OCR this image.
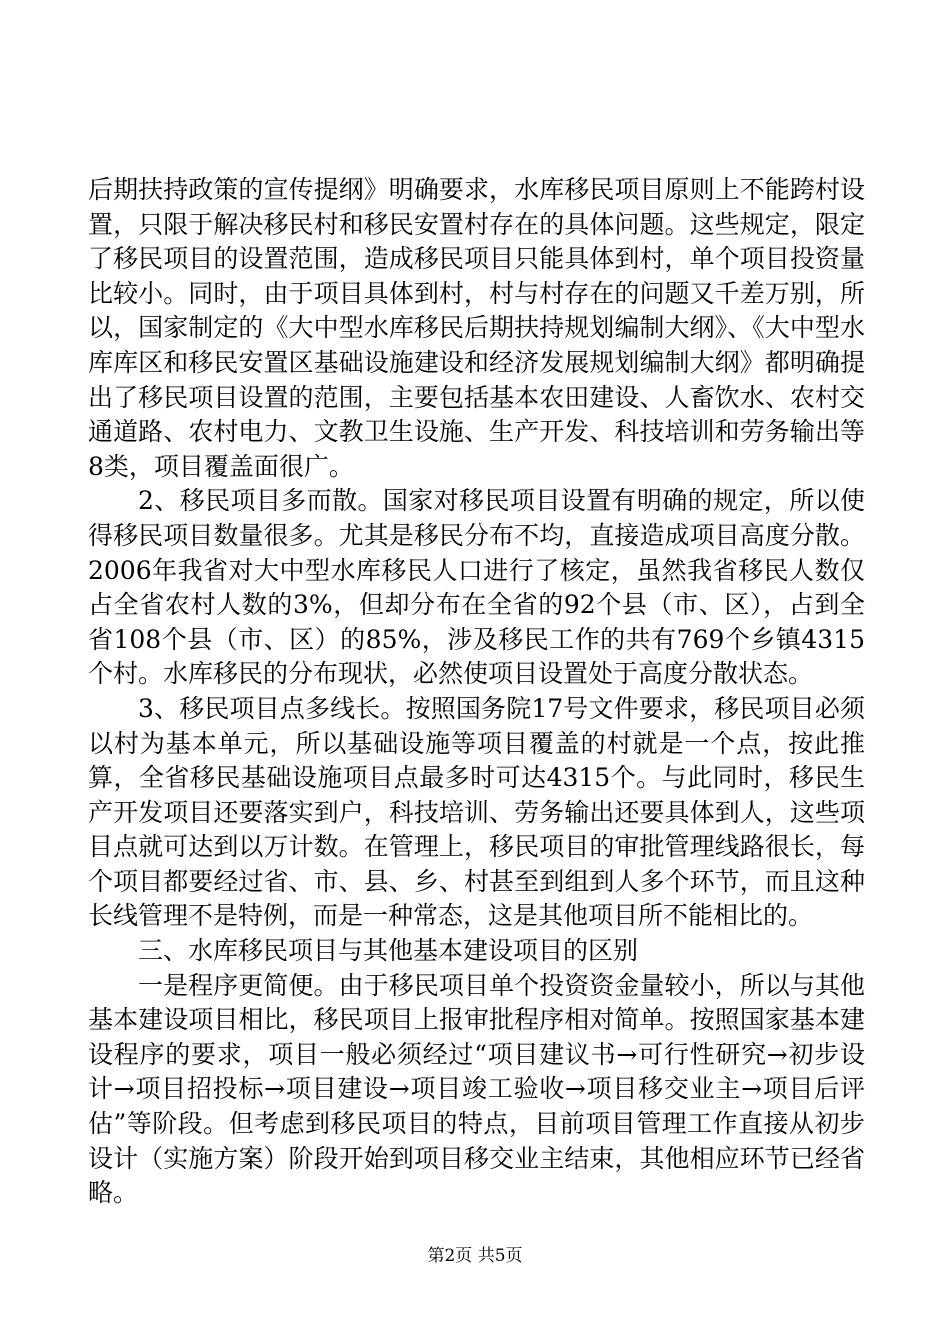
后期扶持政策的宣传提纲》明确要求，水库移民项目原则上不能跨村设置，只限于解决移民村和移民安置村存在的具体问题。这些规定，限定了移民项目的设置范围，造成移民项目只能具体到村，单个项目投资量比较小。同时，由于项目具体到村，村与村存在的问题又千差万别，所以，国家制定的《大中型水库移民后期扶持规划编制大纲》、《大中型水库库区和移民安置区基础设施建设和经济发展规划编制大纲》都明确提出了移民项目设置的范围，主要包括基本农田建设、人畜饮水、农村交通道路、农村电力、文教卫生设施、生产开发、科技培训和劳务输出等8类，项目覆盖面很广。

2、移民项目多而散。国家对移民项目设置有明确的规定，所以使得移民项目数量很多。尤其是移民分布不均，直接造成项目高度分散。2006年我省对大中型水库移民人口进行了核定，虽然我省移民人数仅占全省农村人数的3%，但却分布在全省的92个县（市、区），占到全省108个县（市、区）的85%，涉及移民工作的共有769个乡镇4315个村。水库移民的分布现状，必然使项目设置处于高度分散状态。

3、移民项目点多线长。按照国务院17号文件要求，移民项目必须以村为基本单元，所以基础设施等项目覆盖的村就是一个点，按此推算，全省移民基础设施项目点最多时可达4315个。与此同时，移民生产开发项目还要落实到户，科技培训、劳务输出还要具体到人，这些项目点就可达到以万计数。在管理上，移民项目的审批管理线路很长，每个项目都要经过省、市、县、乡、村甚至到组到人多个环节，而且这种长线管理不是特例，而是一种常态，这是其他项目所不能相比的。

三、水库移民项目与其他基本建设项目的区别

一是程序更简便。由于移民项目单个投资资金量较小，所以与其他基本建设项目相比，移民项目上报审批程序相对简单。按照国家基本建设程序的要求，项目一般必须经过“项目建议书→可行性研究→初步设计→项目招投标→项目建设→项目竣工验收→项目移交业主→项目后评估”等阶段。但考虑到移民项目的特点，目前项目管理工作直接从初步设计（实施方案）阶段开始到项目移交业主结束，其他相应环节已经省略。

第2页 共5页
